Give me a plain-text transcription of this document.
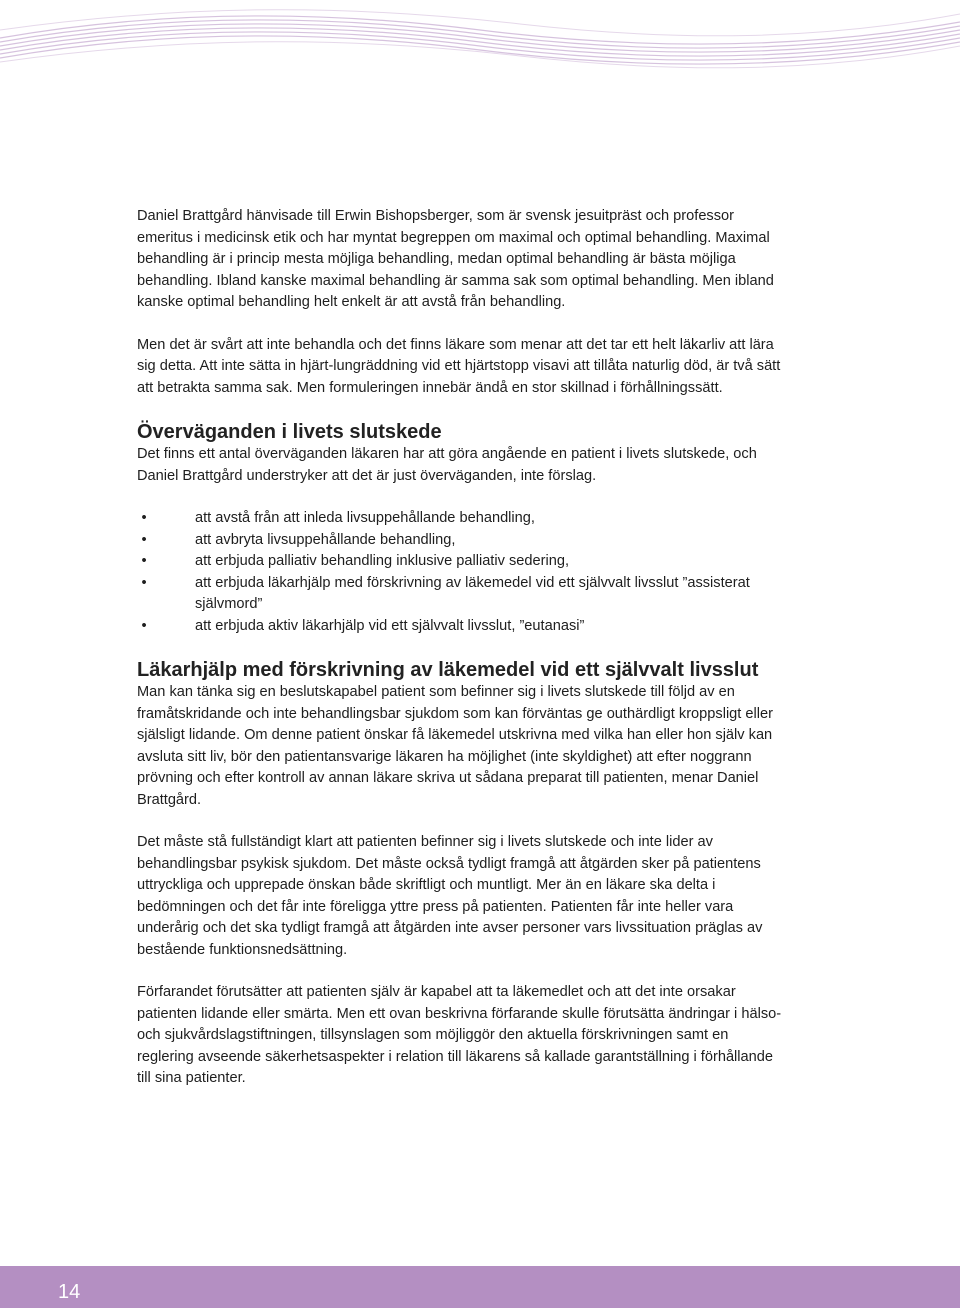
Daniel Brattgård hänvisade till Erwin Bishopsberger, som är svensk jesuitpräst och professor emeritus i medicinsk etik och har myntat begreppen om maximal och optimal behandling. Maximal behandling är i princip mesta möjliga behandling, medan optimal behandling är bästa möjliga behandling. Ibland kanske maximal behandling är samma sak som optimal behandling. Men ibland kanske optimal behandling helt enkelt är att avstå från behandling.

Men det är svårt att inte behandla och det finns läkare som menar att det tar ett helt läkarliv att lära sig detta. Att inte sätta in hjärt-lungräddning vid ett hjärtstopp visavi att tillåta naturlig död, är två sätt att betrakta samma sak. Men formuleringen innebär ändå en stor skillnad i förhållningssätt.

Överväganden i livets slutskede

Det finns ett antal överväganden läkaren har att göra angående en patient i livets slutskede, och Daniel Brattgård understryker att det är just överväganden, inte förslag.

•	att avstå från att inleda livsuppehållande behandling,
•	att avbryta livsuppehållande behandling,
•	att erbjuda palliativ behandling inklusive palliativ sedering,
•	att erbjuda läkarhjälp med förskrivning av läkemedel vid ett självvalt livsslut ”assisterat självmord”
•	att erbjuda aktiv läkarhjälp vid ett självvalt livsslut, ”eutanasi”
Läkarhjälp med förskrivning av läkemedel vid ett självvalt livsslut

Man kan tänka sig en beslutskapabel patient som befinner sig i livets slutskede till följd av en framåtskridande och inte behandlingsbar sjukdom som kan förväntas ge outhärdligt kroppsligt eller själsligt lidande. Om denne patient önskar få läkemedel utskrivna med vilka han eller hon själv kan avsluta sitt liv, bör den patientansvarige läkaren ha möjlighet (inte skyldighet) att efter noggrann prövning och efter kontroll av annan läkare skriva ut sådana preparat till patienten, menar Daniel Brattgård.

Det måste stå fullständigt klart att patienten befinner sig i livets slutskede och inte lider av behandlingsbar psykisk sjukdom. Det måste också tydligt framgå att åtgärden sker på patientens uttryckliga och upprepade önskan både skriftligt och muntligt. Mer än en läkare ska delta i bedömningen och det får inte föreligga yttre press på patienten. Patienten får inte heller vara underårig och det ska tydligt framgå att åtgärden inte avser personer vars livssituation präglas av bestående funktionsnedsättning.

Förfarandet förutsätter att patienten själv är kapabel att ta läkemedlet och att det inte orsakar patienten lidande eller smärta. Men ett ovan beskrivna förfarande skulle förutsätta ändringar i hälso- och sjukvårdslagstiftningen, tillsynslagen som möjliggör den aktuella förskrivningen samt en reglering avseende säkerhetsaspekter i relation till läkarens så kallade garantställning i förhållande till sina patienter.

14
